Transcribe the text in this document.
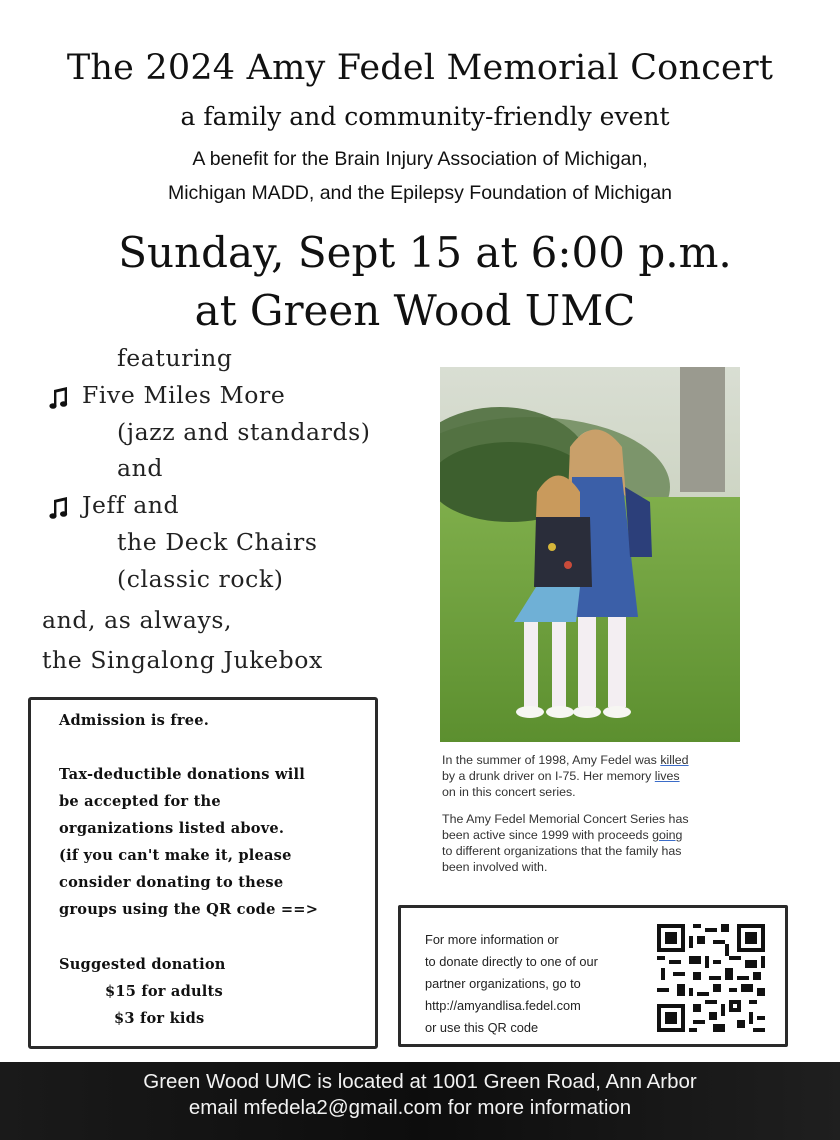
The 2024 Amy Fedel Memorial Concert
a family and community-friendly event
A benefit for the Brain Injury Association of Michigan,
Michigan MADD, and the Epilepsy Foundation of Michigan
Sunday, Sept 15 at 6:00 p.m.
at Green Wood UMC
featuring
Five Miles More
(jazz and standards)
and
Jeff and
the Deck Chairs
(classic rock)
and, as always,
the Singalong Jukebox
In the summer of 1998, Amy Fedel was killed
by a drunk driver on I-75. Her memory lives
on in this concert series.
The Amy Fedel Memorial Concert Series has
been active since 1999 with proceeds going
to different organizations that the family has
been involved with.
Admission is free.
Tax-deductible donations will
be accepted for the
organizations listed above.
(if you can't make it, please
consider donating to these
groups using the QR code ==>
Suggested donation
$15 for adults
$3 for kids
For more information or
to donate directly to one of our
partner organizations, go to
http://amyandlisa.fedel.com
or use this QR code
Green Wood UMC is located at 1001 Green Road, Ann Arbor
email mfedela2@gmail.com for more information
